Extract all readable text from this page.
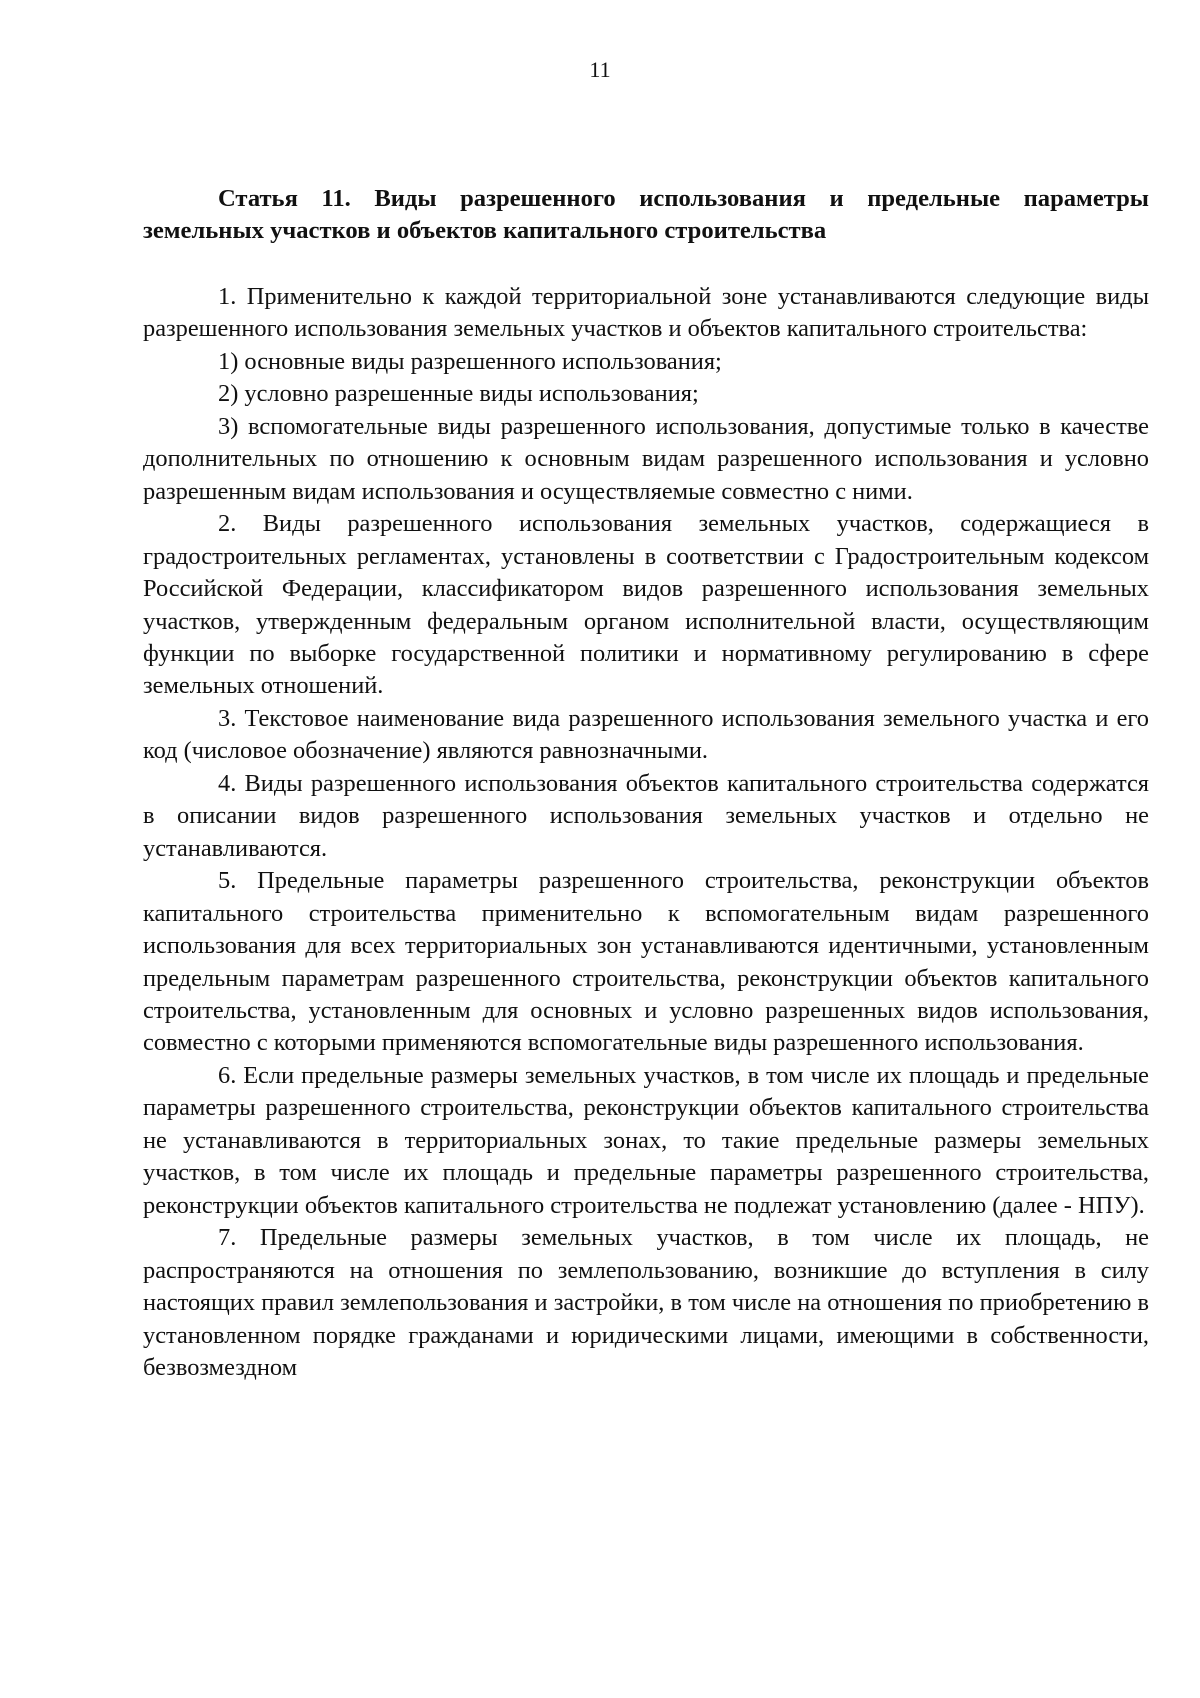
11

Статья 11. Виды разрешенного использования и предельные параметры земельных участков и объектов капитального строительства

1. Применительно к каждой территориальной зоне устанавливаются следующие виды разрешенного использования земельных участков и объектов капитального строительства:

1) основные виды разрешенного использования;

2) условно разрешенные виды использования;

3) вспомогательные виды разрешенного использования, допустимые только в качестве дополнительных по отношению к основным видам разрешенного использования и условно разрешенным видам использования и осуществляемые совместно с ними.

2. Виды разрешенного использования земельных участков, содержащиеся в градостроительных регламентах, установлены в соответствии с Градостроительным кодексом Российской Федерации, классификатором видов разрешенного использования земельных участков, утвержденным федеральным органом исполнительной власти, осуществляющим функции по выборке государственной политики и нормативному регулированию в сфере земельных отношений.

3. Текстовое наименование вида разрешенного использования земельного участка и его код (числовое обозначение) являются равнозначными.

4. Виды разрешенного использования объектов капитального строительства содержатся в описании видов разрешенного использования земельных участков и отдельно не устанавливаются.

5. Предельные параметры разрешенного строительства, реконструкции объектов капитального строительства применительно к вспомогательным видам разрешенного использования для всех территориальных зон устанавливаются идентичными, установленным предельным параметрам разрешенного строительства, реконструкции объектов капитального строительства, установленным для основных и условно разрешенных видов использования, совместно с которыми применяются вспомогательные виды разрешенного использования.

6. Если предельные размеры земельных участков, в том числе их площадь и предельные параметры разрешенного строительства, реконструкции объектов капитального строительства не устанавливаются в территориальных зонах, то такие предельные размеры земельных участков, в том числе их площадь и предельные параметры разрешенного строительства, реконструкции объектов капитального строительства не подлежат установлению (далее - НПУ).

7. Предельные размеры земельных участков, в том числе их площадь, не распространяются на отношения по землепользованию, возникшие до вступления в силу настоящих правил землепользования и застройки, в том числе на отношения по приобретению в установленном порядке гражданами и юридическими лицами, имеющими в собственности, безвозмездном
